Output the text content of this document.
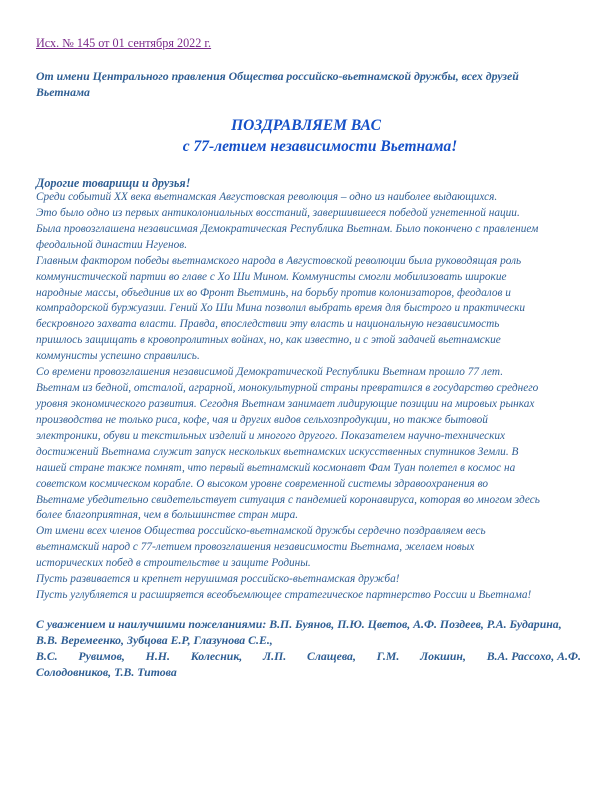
Исх. № 145 от 01 сентября 2022 г.
От имени Центрального правления Общества российско-вьетнамской дружбы, всех друзей
Вьетнама
ПОЗДРАВЛЯЕМ ВАС
с 77-летием независимости Вьетнама!
Дорогие товарищи и друзья!
Среди событий XX века вьетнамская Августовская революция – одно из наиболее выдающихся.
Это было одно из первых антиколониальных восстаний, завершившееся победой угнетенной нации.
Была провозглашена независимая Демократическая Республика Вьетнам. Было покончено с правлением
феодальной династии Нгуенов.
Главным фактором победы вьетнамского народа в Августовской революции была руководящая роль
коммунистической партии во главе с Хо Ши Мином. Коммунисты смогли мобилизовать широкие
народные массы, объединив их во Фронт Вьетминь, на борьбу против колонизаторов, феодалов и
компрадорской буржуазии. Гений Хо Ши Мина позволил выбрать время для быстрого и практически
бескровного захвата власти. Правда, впоследствии эту власть и национальную независимость
пришлось защищать в кровопролитных войнах, но, как известно, и с этой задачей вьетнамские
коммунисты успешно справились.
Со времени провозглашения независимой Демократической Республики Вьетнам прошло 77 лет.
Вьетнам из бедной, отсталой, аграрной, монокультурной страны превратился в государство среднего
уровня экономического развития. Сегодня Вьетнам занимает лидирующие позиции на мировых рынках
производства не только риса, кофе, чая и других видов сельхозпродукции, но также бытовой
электроники, обуви и текстильных изделий и многого другого. Показателем научно-технических
достижений Вьетнама служит запуск нескольких вьетнамских искусственных спутников Земли. В
нашей стране также помнят, что первый вьетнамский космонавт Фам Туан полетел в космос на
советском космическом корабле. О высоком уровне современной системы здравоохранения во
Вьетнаме убедительно свидетельствует ситуация с пандемией коронавируса, которая во многом здесь
более благоприятная, чем в большинстве стран мира.
От имени всех членов Общества российско-вьетнамской дружбы сердечно поздравляем весь
вьетнамский народ с 77-летием провозглашения независимости Вьетнама, желаем новых
исторических побед в строительстве и защите Родины.
Пусть развивается и крепнет нерушимая российско-вьетнамская дружба!
Пусть углубляется и расширяется всеобъемлющее стратегическое партнерство России и Вьетнама!
С уважением и наилучшими пожеланиями: В.П. Буянов, П.Ю. Цветов, А.Ф. Поздеев, Р.А. Бударина,
В.В. Веремеенко, Зубцова Е.Р, Глазунова С.Е.,
В.С. Рувимов, Н.Н. Колесник, Л.П. Слащева, Г.М. Локшин, В.А. Рассохо, А.Ф.
Солодовников, Т.В. Титова
